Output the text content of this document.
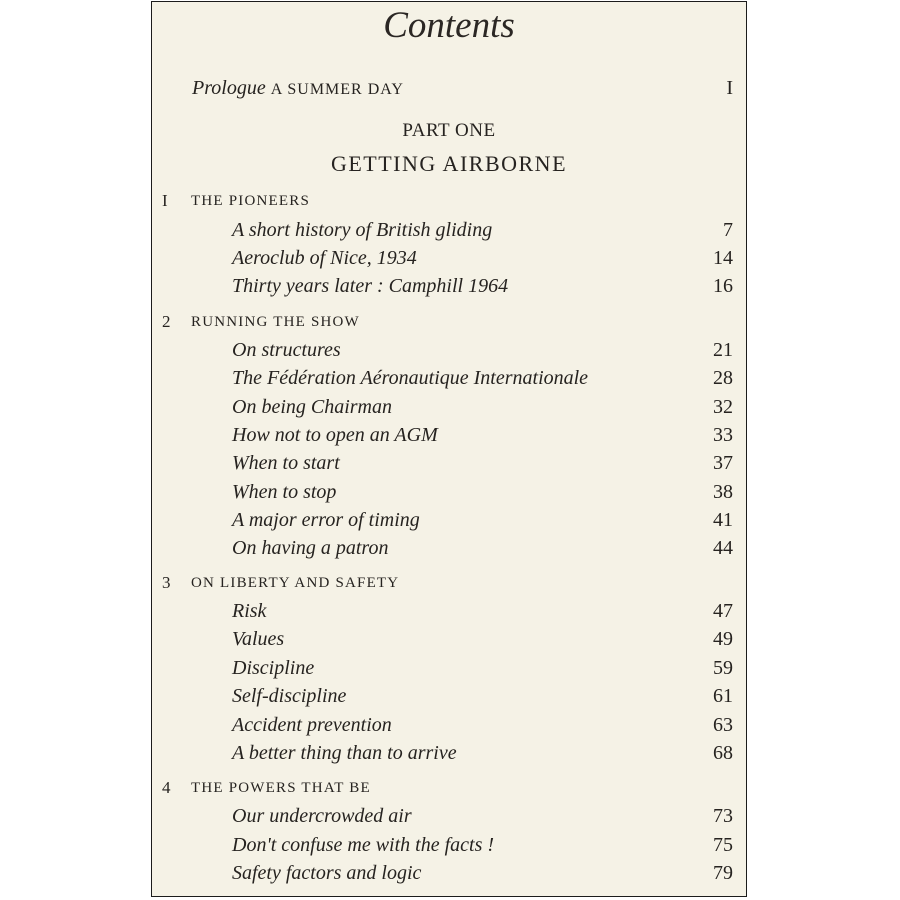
Contents
Prologue A SUMMER DAY	I
PART ONE
GETTING AIRBORNE
I THE PIONEERS
A short history of British gliding	7
Aeroclub of Nice, 1934	14
Thirty years later : Camphill 1964	16
2 RUNNING THE SHOW
On structures	21
The Fédération Aéronautique Internationale	28
On being Chairman	32
How not to open an AGM	33
When to start	37
When to stop	38
A major error of timing	41
On having a patron	44
3 ON LIBERTY AND SAFETY
Risk	47
Values	49
Discipline	59
Self-discipline	61
Accident prevention	63
A better thing than to arrive	68
4 THE POWERS THAT BE
Our undercrowded air	73
Don't confuse me with the facts !	75
Safety factors and logic	79
